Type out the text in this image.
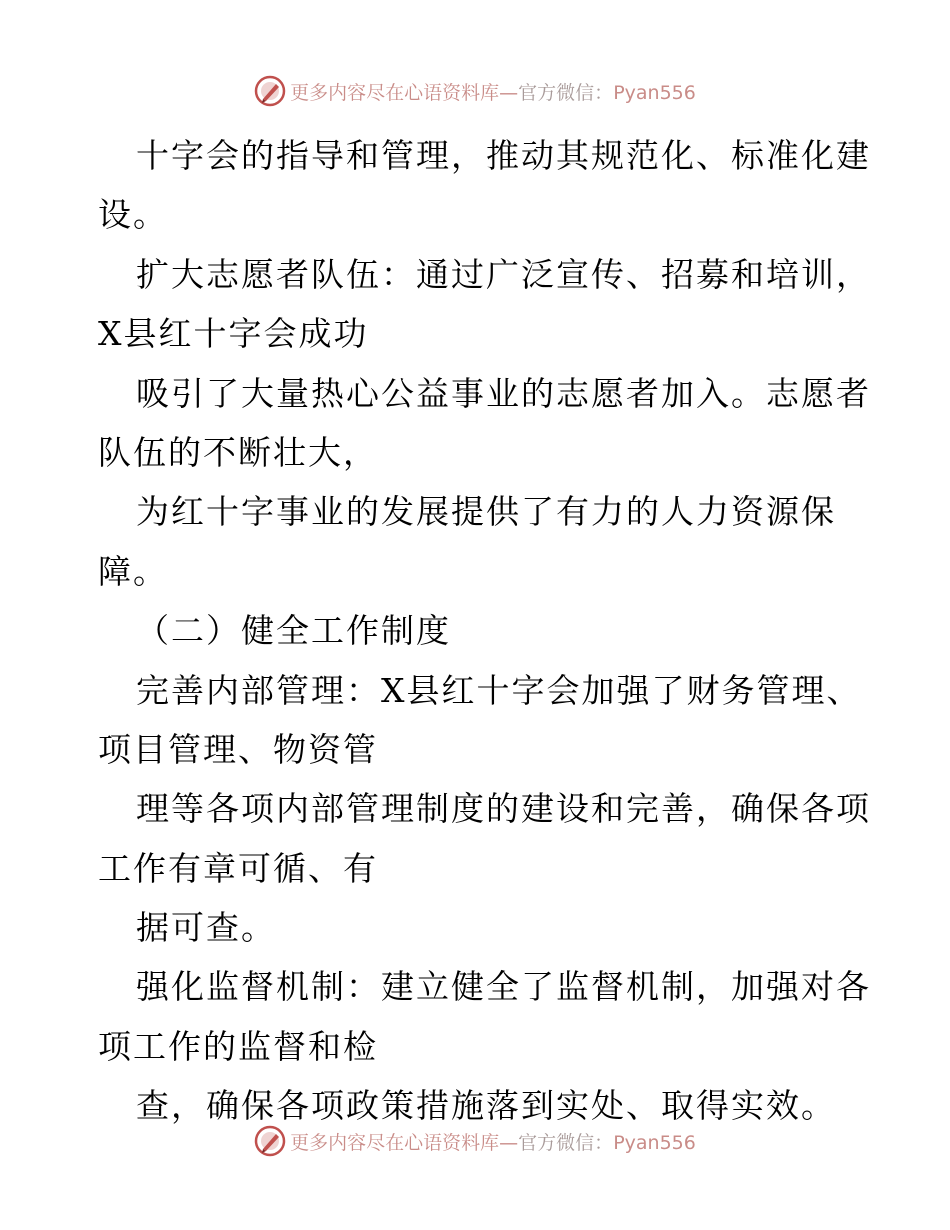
更多内容尽在心语资料库—官方微信：Pyan556
十字会的指导和管理，推动其规范化、标准化建
设。
扩大志愿者队伍：通过广泛宣传、招募和培训，
X县红十字会成功
吸引了大量热心公益事业的志愿者加入。志愿者
队伍的不断壮大，
为红十字事业的发展提供了有力的人力资源保
障。
（二）健全工作制度
完善内部管理：X县红十字会加强了财务管理、
项目管理、物资管
理等各项内部管理制度的建设和完善，确保各项
工作有章可循、有
据可查。
强化监督机制：建立健全了监督机制，加强对各
项工作的监督和检
查，确保各项政策措施落到实处、取得实效。
更多内容尽在心语资料库—官方微信：Pyan556
